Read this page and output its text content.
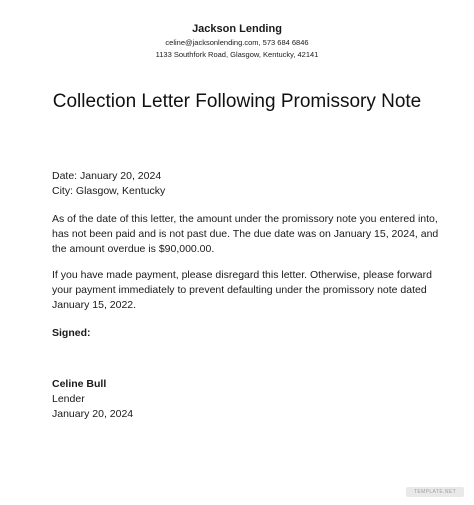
Jackson Lending
celine@jacksonlending.com, 573 684 6846
1133 Southfork Road, Glasgow, Kentucky, 42141
Collection Letter Following Promissory Note

Date: January 20, 2024

City: Glasgow, Kentucky

As of the date of this letter, the amount under the promissory note you entered into, has not been paid and is not past due. The due date was on January 15, 2024, and the amount overdue is $90,000.00.

If you have made payment, please disregard this letter. Otherwise, please forward your payment immediately to prevent defaulting under the promissory note dated January 15, 2022.

Signed:

Celine Bull

Lender

January 20, 2024

TEMPLATE.NET
